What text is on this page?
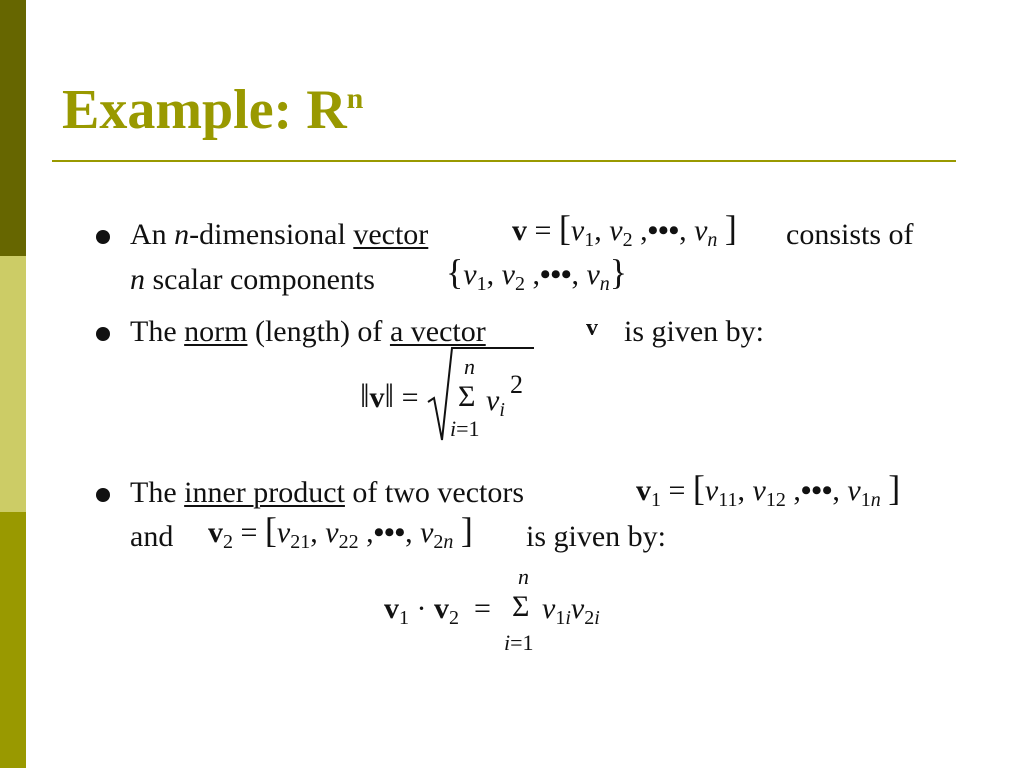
Example: $R^n$
An n-dimensional vector	$v = [v_1$, $v_2$ ,•••, $v_n$ ] consists of
n scalar components {$v_1$, $v_2$ ,•••, $v_n$}
The norm (length) of a vector	v is given by:
‖v‖ =
n
Σ $v_i$
2
i=1
The inner product of two vectors	$v_1 = [v_{11}$, $v_{12}$ ,•••, $v_{1n}$ ]
and $v_2 = [v_{21}$, $v_{22}$ ,•••, $v_{2n}$ ] is given by:
$v_1 \cdot v_2$  =
n
Σ $v_{1i}v_{2i}$
i=1
